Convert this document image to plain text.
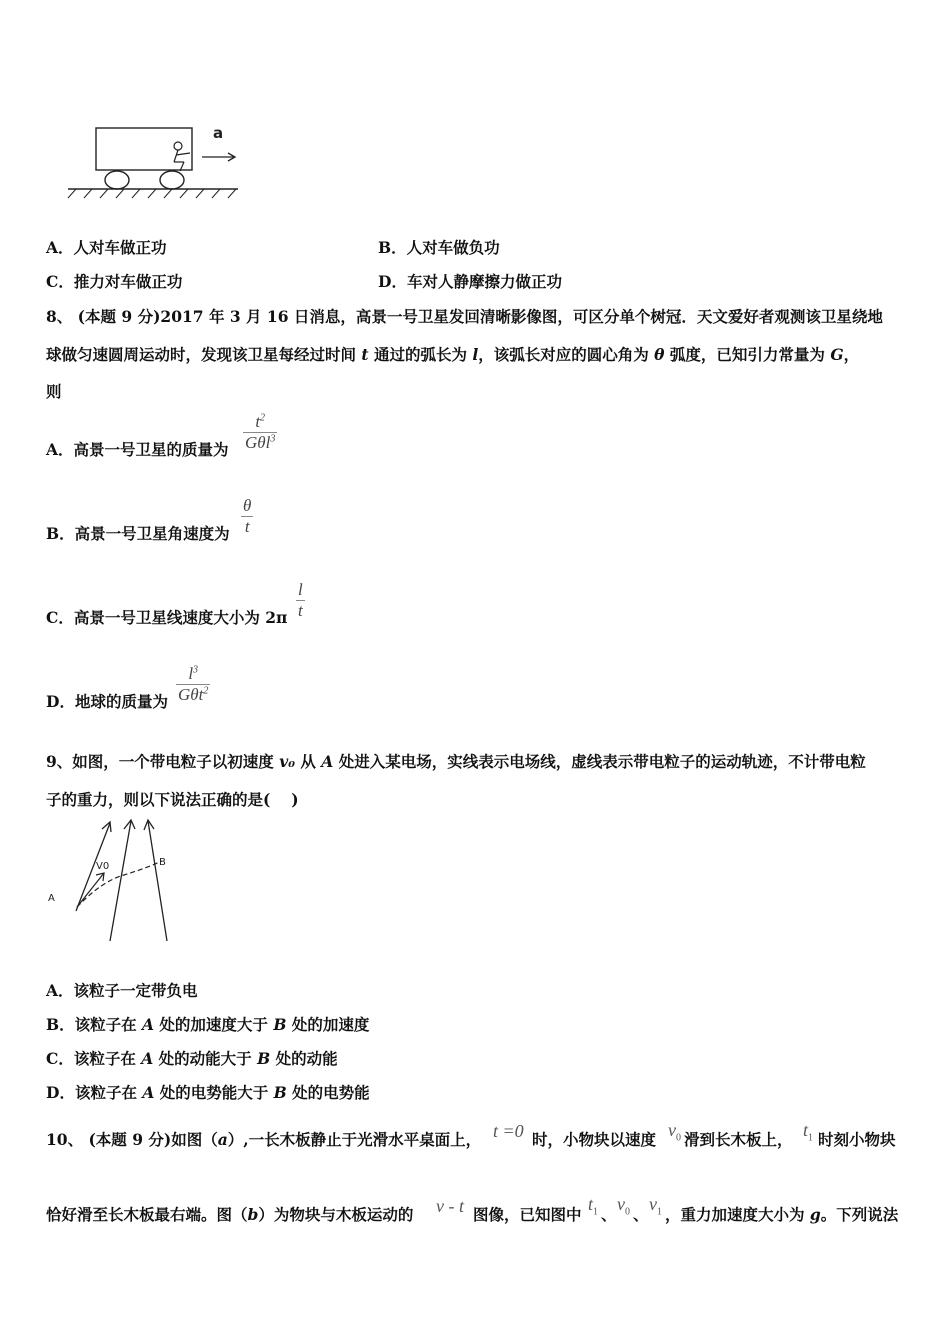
a
A．人对车做正功	B．人对车做负功
C．推力对车做正功	D．车对人静摩擦力做正功
8、 (本题 9 分)2017 年 3 月 16 日消息，高景一号卫星发回清晰影像图，可区分单个树冠．天文爱好者观测该卫星绕地
球做匀速圆周运动时，发现该卫星每经过时间 t 通过的弧长为 l，该弧长对应的圆心角为 θ 弧度，已知引力常量为 G，
则
A．高景一号卫星的质量为
$t^2$
Gθl$^3$
B．高景一号卫星角速度为 $\frac{\theta}{t}$
C．高景一号卫星线速度大小为 $2\pi \frac{l}{t}$
D．地球的质量为
$l^3$
Gθt$^2$
9、如图，一个带电粒子以初速度 v₀ 从 A 处进入某电场，实线表示电场线，虚线表示带电粒子的运动轨迹，不计带电粒
子的重力，则以下说法正确的是(　 )
V0
A
B
A．该粒子一定带负电
B．该粒子在 A 处的加速度大于 B 处的加速度
C．该粒子在 A 处的动能大于 B 处的动能
D．该粒子在 A 处的电势能大于 B 处的电势能
10、 (本题 9 分)如图（a）,一长木板静止于光滑水平桌面上， t =0 时，小物块以速度 $v_0$ 滑到长木板上， $t_1$ 时刻小物块
恰好滑至长木板最右端。图（b）为物块与木板运动的 v - t 图像，已知图中
$t_1$ 、
$v_0$ 、
$v_1$ ，重力加速度大小为 g。下列说法
